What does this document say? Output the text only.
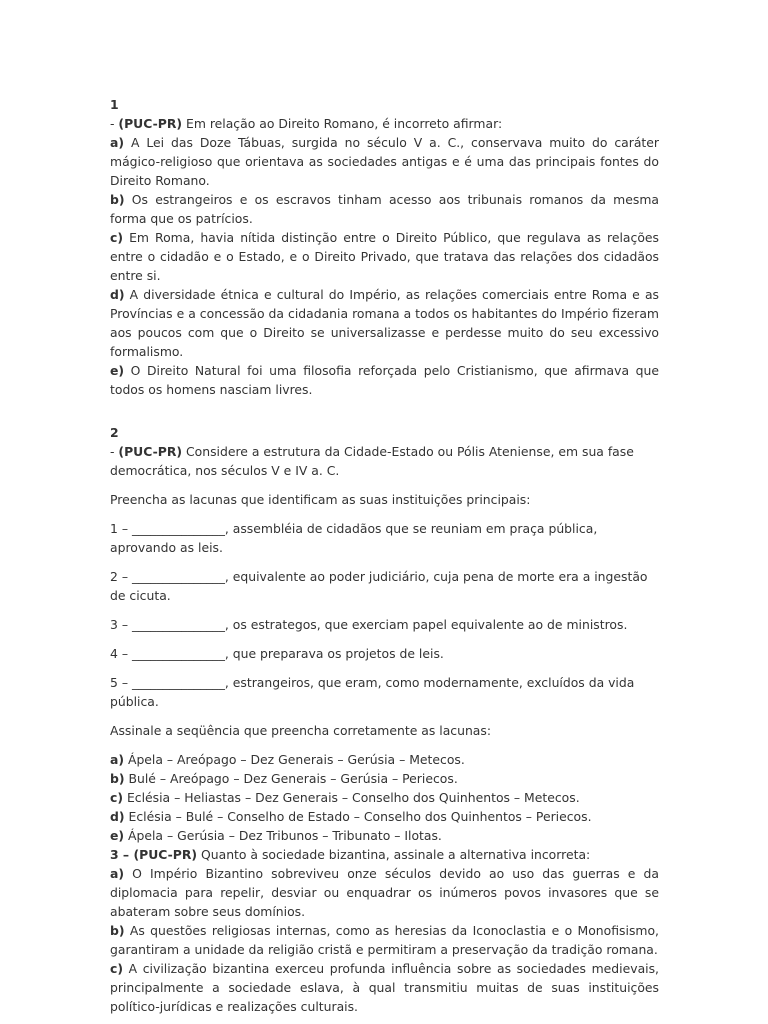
1

- (PUC-PR) Em relação ao Direito Romano, é incorreto afirmar:

a) A Lei das Doze Tábuas, surgida no século V a. C., conservava muito do caráter mágico-religioso que orientava as sociedades antigas e é uma das principais fontes do Direito Romano.

b) Os estrangeiros e os escravos tinham acesso aos tribunais romanos da mesma forma que os patrícios.

c) Em Roma, havia nítida distinção entre o Direito Público, que regulava as relações entre o cidadão e o Estado, e o Direito Privado, que tratava das relações dos cidadãos entre si.

d) A diversidade étnica e cultural do Império, as relações comerciais entre Roma e as Províncias e a concessão da cidadania romana a todos os habitantes do Império fizeram aos poucos com que o Direito se universalizasse e perdesse muito do seu excessivo formalismo.

e) O Direito Natural foi uma filosofia reforçada pelo Cristianismo, que afirmava que todos os homens nasciam livres.

2

- (PUC-PR) Considere a estrutura da Cidade-Estado ou Pólis Ateniense, em sua fase democrática, nos séculos V e IV a. C.

Preencha as lacunas que identificam as suas instituições principais:

1 – _______________, assembléia de cidadãos que se reuniam em praça pública, aprovando as leis.

2 – _______________, equivalente ao poder judiciário, cuja pena de morte era a ingestão de cicuta.

3 – _______________, os estrategos, que exerciam papel equivalente ao de ministros.

4 – _______________, que preparava os projetos de leis.

5 – _______________, estrangeiros, que eram, como modernamente, excluídos da vida pública.

Assinale a seqüência que preencha corretamente as lacunas:

a) Ápela – Areópago – Dez Generais – Gerúsia – Metecos.

b) Bulé – Areópago – Dez Generais – Gerúsia – Periecos.

c) Eclésia – Heliastas – Dez Generais – Conselho dos Quinhentos – Metecos.

d) Eclésia – Bulé – Conselho de Estado – Conselho dos Quinhentos – Periecos.

e) Ápela – Gerúsia – Dez Tribunos – Tribunato – Ilotas.

3 – (PUC-PR) Quanto à sociedade bizantina, assinale a alternativa incorreta:

a) O Império Bizantino sobreviveu onze séculos devido ao uso das guerras e da diplomacia para repelir, desviar ou enquadrar os inúmeros povos invasores que se abateram sobre seus domínios.

b) As questões religiosas internas, como as heresias da Iconoclastia e o Monofisismo, garantiram a unidade da religião cristã e permitiram a preservação da tradição romana.

c) A civilização bizantina exerceu profunda influência sobre as sociedades medievais, principalmente a sociedade eslava, à qual transmitiu muitas de suas instituições político-jurídicas e realizações culturais.
